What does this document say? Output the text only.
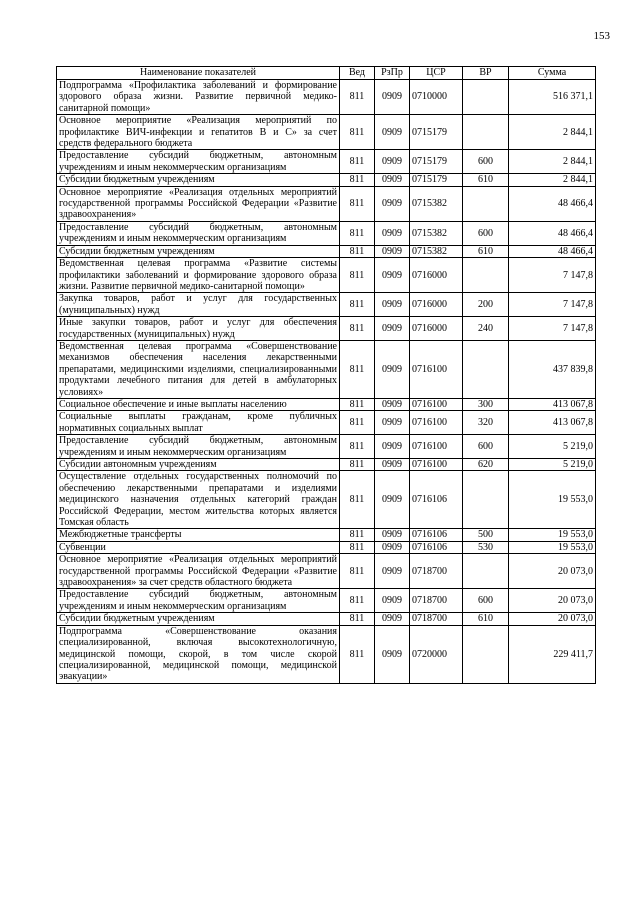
153
Наименование показателей	Вед	РзПр	ЦСР	ВР	Сумма
Подпрограмма «Профилактика заболеваний и формирование здорового образа жизни. Развитие первичной медико-санитарной помощи»	811	0909	0710000		516 371,1
Основное мероприятие «Реализация мероприятий по профилактике ВИЧ-инфекции и гепатитов В и С» за счет средств федерального бюджета	811	0909	0715179		2 844,1
Предоставление субсидий бюджетным, автономным учреждениям и иным некоммерческим организациям	811	0909	0715179	600	2 844,1
Субсидии бюджетным учреждениям	811	0909	0715179	610	2 844,1
Основное мероприятие «Реализация отдельных мероприятий государственной программы Российской Федерации «Развитие здравоохранения»	811	0909	0715382		48 466,4
Предоставление субсидий бюджетным, автономным учреждениям и иным некоммерческим организациям	811	0909	0715382	600	48 466,4
Субсидии бюджетным учреждениям	811	0909	0715382	610	48 466,4
Ведомственная целевая программа «Развитие системы профилактики заболеваний и формирование здорового образа жизни. Развитие первичной медико-санитарной помощи»	811	0909	0716000		7 147,8
Закупка товаров, работ и услуг для государственных (муниципальных) нужд	811	0909	0716000	200	7 147,8
Иные закупки товаров, работ и услуг для обеспечения государственных (муниципальных) нужд	811	0909	0716000	240	7 147,8
Ведомственная целевая программа «Совершенствование механизмов обеспечения населения лекарственными препаратами, медицинскими изделиями, специализированными продуктами лечебного питания для детей в амбулаторных условиях»	811	0909	0716100		437 839,8
Социальное обеспечение и иные выплаты населению	811	0909	0716100	300	413 067,8
Социальные выплаты гражданам, кроме публичных нормативных социальных выплат	811	0909	0716100	320	413 067,8
Предоставление субсидий бюджетным, автономным учреждениям и иным некоммерческим организациям	811	0909	0716100	600	5 219,0
Субсидии автономным учреждениям	811	0909	0716100	620	5 219,0
Осуществление отдельных государственных полномочий по обеспечению лекарственными препаратами и изделиями медицинского назначения отдельных категорий граждан Российской Федерации, местом жительства которых является Томская область	811	0909	0716106		19 553,0
Межбюджетные трансферты	811	0909	0716106	500	19 553,0
Субвенции	811	0909	0716106	530	19 553,0
Основное мероприятие «Реализация отдельных мероприятий государственной программы Российской Федерации «Развитие здравоохранения» за счет средств областного бюджета	811	0909	0718700		20 073,0
Предоставление субсидий бюджетным, автономным учреждениям и иным некоммерческим организациям	811	0909	0718700	600	20 073,0
Субсидии бюджетным учреждениям	811	0909	0718700	610	20 073,0
Подпрограмма «Совершенствование оказания специализированной, включая высокотехнологичную, медицинской помощи, скорой, в том числе скорой специализированной, медицинской помощи, медицинской эвакуации»	811	0909	0720000		229 411,7
